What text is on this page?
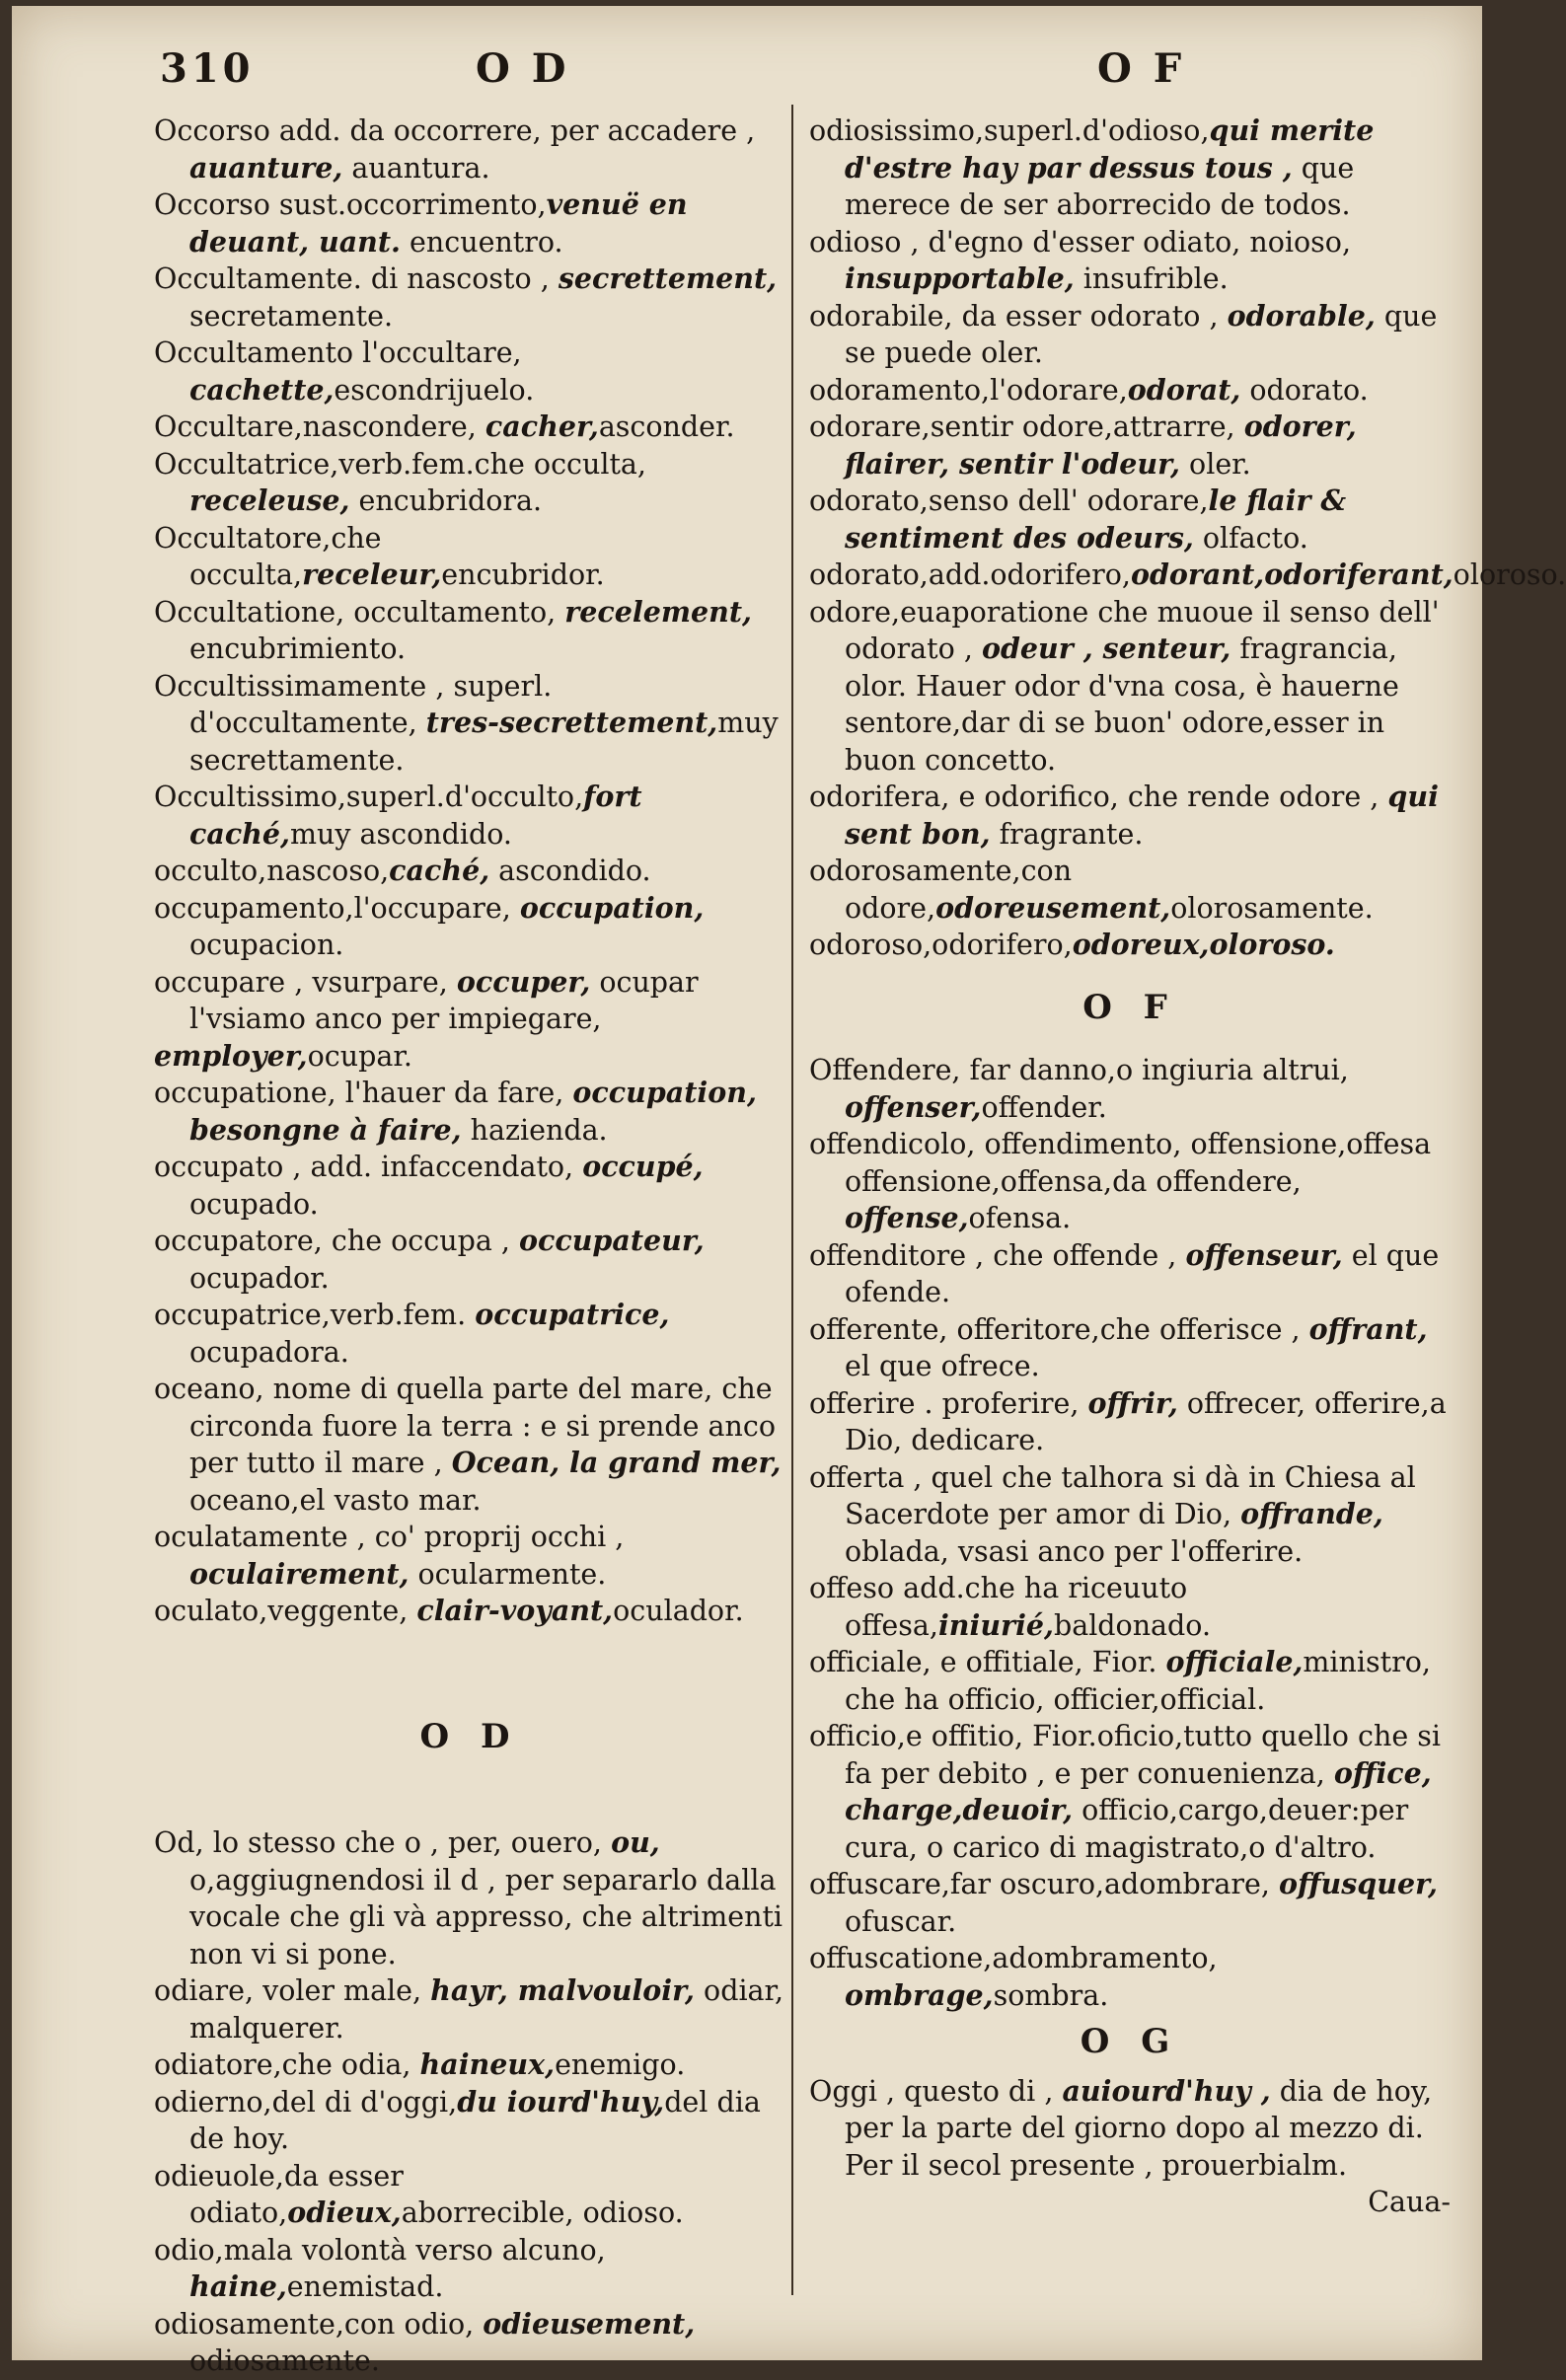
310	O D	O F

Occorso add. da occorrere, per accadere , auanture, auantura.

Occorso sust.occorrimento,venuë en deuant, uant. encuentro.

Occultamente. di nascosto , secrettement, secretamente.

Occultamento l'occultare, cachette,escondrijuelo.

Occultare,nascondere, cacher,asconder.

Occultatrice,verb.fem.che occulta, receleuse, encubridora.

Occultatore,che occulta,receleur,encubridor.

Occultatione, occultamento, recelement, encubrimiento.

Occultissimamente , superl. d'occultamente, tres-secrettement,muy secrettamente.

Occultissimo,superl.d'occulto,fort caché,muy ascondido.

occulto,nascoso,caché, ascondido.

occupamento,l'occupare, occupation, ocupacion.

occupare , vsurpare, occuper, ocupar l'vsiamo anco per impiegare,

employer,ocupar.

occupatione, l'hauer da fare, occupation, besongne à faire, hazienda.

occupato , add. infaccendato, occupé, ocupado.

occupatore, che occupa , occupateur, ocupador.

occupatrice,verb.fem. occupatrice, ocupadora.

oceano, nome di quella parte del mare, che circonda fuore la terra : e si prende anco per tutto il mare , Ocean, la grand mer, oceano,el vasto mar.

oculatamente , co' proprij occhi , oculairement, ocularmente.

oculato,veggente, clair-voyant,oculador.

O D

Od, lo stesso che o , per, ouero, ou, o,aggiugnendosi il d , per separarlo dalla vocale che gli và appresso, che altrimenti non vi si pone.

odiare, voler male, hayr, malvouloir, odiar, malquerer.

odiatore,che odia, haineux,enemigo.

odierno,del di d'oggi,du iourd'huy,del dia de hoy.

odieuole,da esser odiato,odieux,aborrecible, odioso.

odio,mala volontà verso alcuno, haine,enemistad.

odiosamente,con odio, odieusement, odiosamente.

odiosissimo,superl.d'odioso,qui merite d'estre hay par dessus tous , que merece de ser aborrecido de todos.

odioso , d'egno d'esser odiato, noioso, insupportable, insufrible.

odorabile, da esser odorato , odorable, que se puede oler.

odoramento,l'odorare,odorat, odorato.

odorare,sentir odore,attrarre, odorer, flairer, sentir l'odeur, oler.

odorato,senso dell' odorare,le flair & sentiment des odeurs, olfacto.

odorato,add.odorifero,odorant,odoriferant,oloroso.

odore,euaporatione che muoue il senso dell' odorato , odeur , senteur, fragrancia, olor. Hauer odor d'vna cosa, è hauerne sentore,dar di se buon' odore,esser in buon concetto.

odorifera, e odorifico, che rende odore , qui sent bon, fragrante.

odorosamente,con odore,odoreusement,olorosamente.

odoroso,odorifero,odoreux,oloroso.

O F

Offendere, far danno,o ingiuria altrui, offenser,offender.

offendicolo, offendimento, offensione,offesa offensione,offensa,da offendere, offense,ofensa.

offenditore , che offende , offenseur, el que ofende.

offerente, offeritore,che offerisce , offrant, el que ofrece.

offerire . proferire, offrir, offrecer, offerire,a Dio, dedicare.

offerta , quel che talhora si dà in Chiesa al Sacerdote per amor di Dio, offrande, oblada, vsasi anco per l'offerire.

offeso add.che ha riceuuto offesa,iniurié,baldonado.

officiale, e offitiale, Fior. officiale,ministro, che ha officio, officier,official.

officio,e offitio, Fior.oficio,tutto quello che si fa per debito , e per conuenienza, office, charge,deuoir, officio,cargo,deuer:per cura, o carico di magistrato,o d'altro.

offuscare,far oscuro,adombrare, offusquer, ofuscar.

offuscatione,adombramento, ombrage,sombra.

O G

Oggi , questo di , auiourd'huy , dia de hoy, per la parte del giorno dopo al mezzo di. Per il secol presente , prouerbialm.

Caua-
